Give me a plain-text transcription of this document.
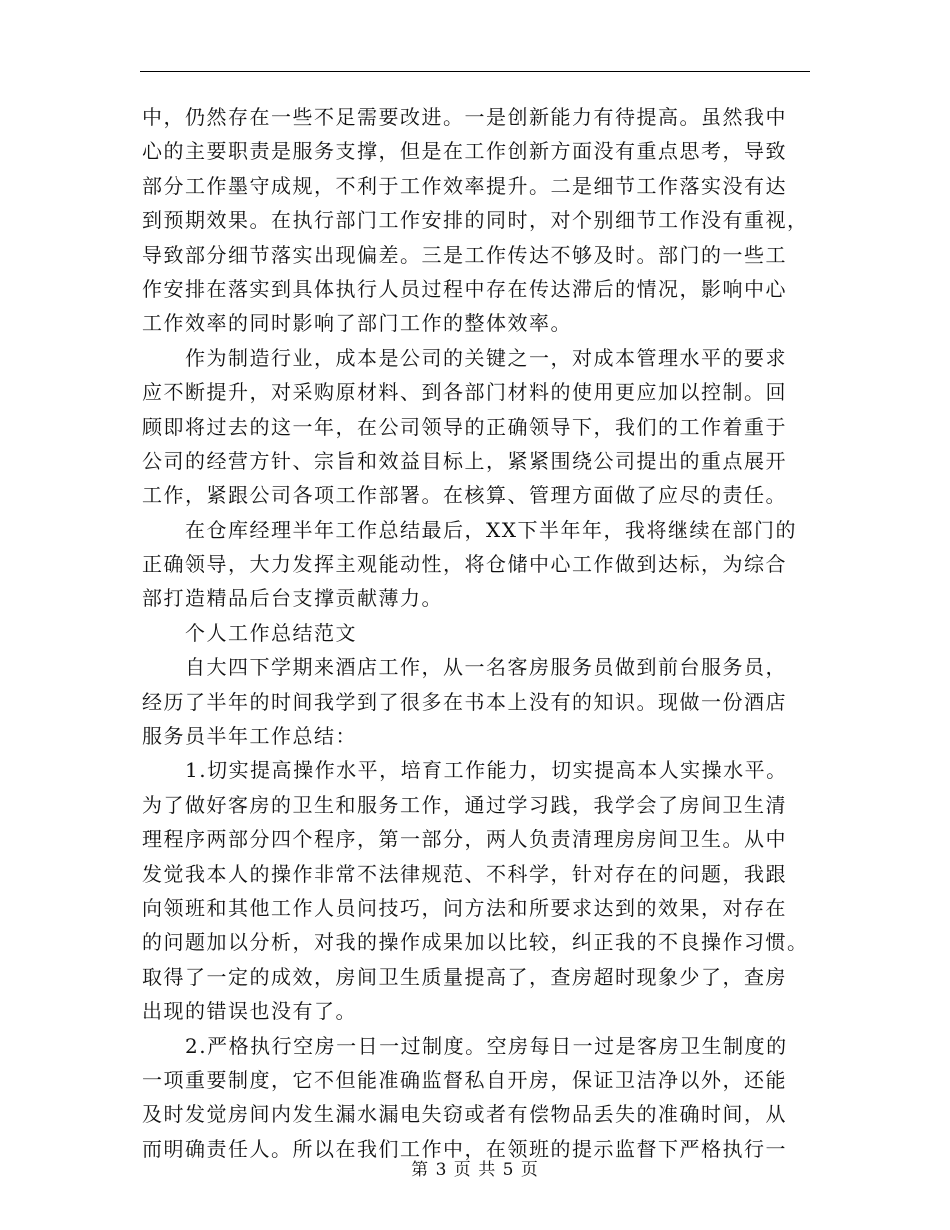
中，仍然存在一些不足需要改进。一是创新能力有待提高。虽然我中
心的主要职责是服务支撑，但是在工作创新方面没有重点思考，导致
部分工作墨守成规，不利于工作效率提升。二是细节工作落实没有达
到预期效果。在执行部门工作安排的同时，对个别细节工作没有重视，
导致部分细节落实出现偏差。三是工作传达不够及时。部门的一些工
作安排在落实到具体执行人员过程中存在传达滞后的情况，影响中心
工作效率的同时影响了部门工作的整体效率。
作为制造行业，成本是公司的关键之一，对成本管理水平的要求
应不断提升，对采购原材料、到各部门材料的使用更应加以控制。回
顾即将过去的这一年，在公司领导的正确领导下，我们的工作着重于
公司的经营方针、宗旨和效益目标上，紧紧围绕公司提出的重点展开
工作，紧跟公司各项工作部署。在核算、管理方面做了应尽的责任。
在仓库经理半年工作总结最后，XX下半年年，我将继续在部门的
正确领导，大力发挥主观能动性，将仓储中心工作做到达标，为综合
部打造精品后台支撑贡献薄力。
个人工作总结范文
自大四下学期来酒店工作，从一名客房服务员做到前台服务员，
经历了半年的时间我学到了很多在书本上没有的知识。现做一份酒店
服务员半年工作总结：
1.切实提高操作水平，培育工作能力，切实提高本人实操水平。
为了做好客房的卫生和服务工作，通过学习践，我学会了房间卫生清
理程序两部分四个程序，第一部分，两人负责清理房房间卫生。从中
发觉我本人的操作非常不法律规范、不科学，针对存在的问题，我跟
向领班和其他工作人员问技巧，问方法和所要求达到的效果，对存在
的问题加以分析，对我的操作成果加以比较，纠正我的不良操作习惯。
取得了一定的成效，房间卫生质量提高了，查房超时现象少了，查房
出现的错误也没有了。
2.严格执行空房一日一过制度。空房每日一过是客房卫生制度的
一项重要制度，它不但能准确监督私自开房，保证卫洁净以外，还能
及时发觉房间内发生漏水漏电失窃或者有偿物品丢失的准确时间，从
而明确责任人。所以在我们工作中，在领班的提示监督下严格执行一
第 3 页 共 5 页
